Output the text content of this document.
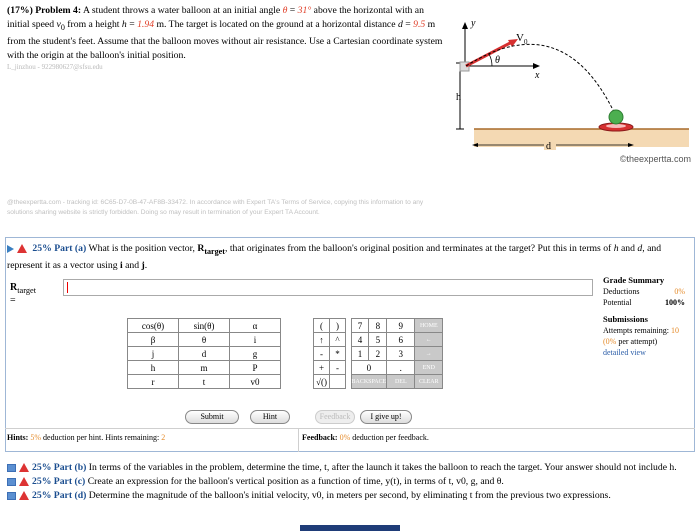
(17%) Problem 4: A student throws a water balloon at an initial angle θ = 31° above the horizontal with an initial speed $v_0$ from a height h = 1.94 m. The target is located on the ground at a horizontal distance d = 9.5 m from the student's feet. Assume that the balloon moves without air resistance. Use a Cartesian coordinate system with the origin at the balloon's initial position.
L_jinzhou - 922980627@sfsu.edu
y
x
V 0
θ
h
d
©theexpertta.com
@theexpertta.com - tracking id: 6C65-D7-0B-47-AF8B-33472. In accordance with Expert TA's Terms of Service, copying this information to any solutions sharing website is strictly forbidden. Doing so may result in termination of your Expert TA Account.
25% Part (a) What is the position vector, $R_{target}$, that originates from the balloon's original position and terminates at the target? Put this in terms of h and d, and represent it as a vector using i and j.
$R_{target}$ =
Grade Summary
Deductions	0%
Potential	100%
Submissions
Attempts remaining: 10
(0% per attempt)
detailed view
cos(θ)	sin(θ)	α
β	θ	i
j	d	g
h	m	P
r	t	v0
(	)
↑	^
-	*
+	-
√()	
	7	8	9	HOME
	4	5	6	←
	1	2	3	→
	0		.	END
	BACKSPACE		DEL	CLEAR
Submit	Hint	Feedback	I give up!
Hints: 5% deduction per hint. Hints remaining: 2	Feedback: 0% deduction per feedback.
25% Part (b) In terms of the variables in the problem, determine the time, t, after the launch it takes the balloon to reach the target. Your answer should not include h.
25% Part (c) Create an expression for the balloon's vertical position as a function of time, y(t), in terms of t, v0, g, and θ.
25% Part (d) Determine the magnitude of the balloon's initial velocity, v0, in meters per second, by eliminating t from the previous two expressions.
